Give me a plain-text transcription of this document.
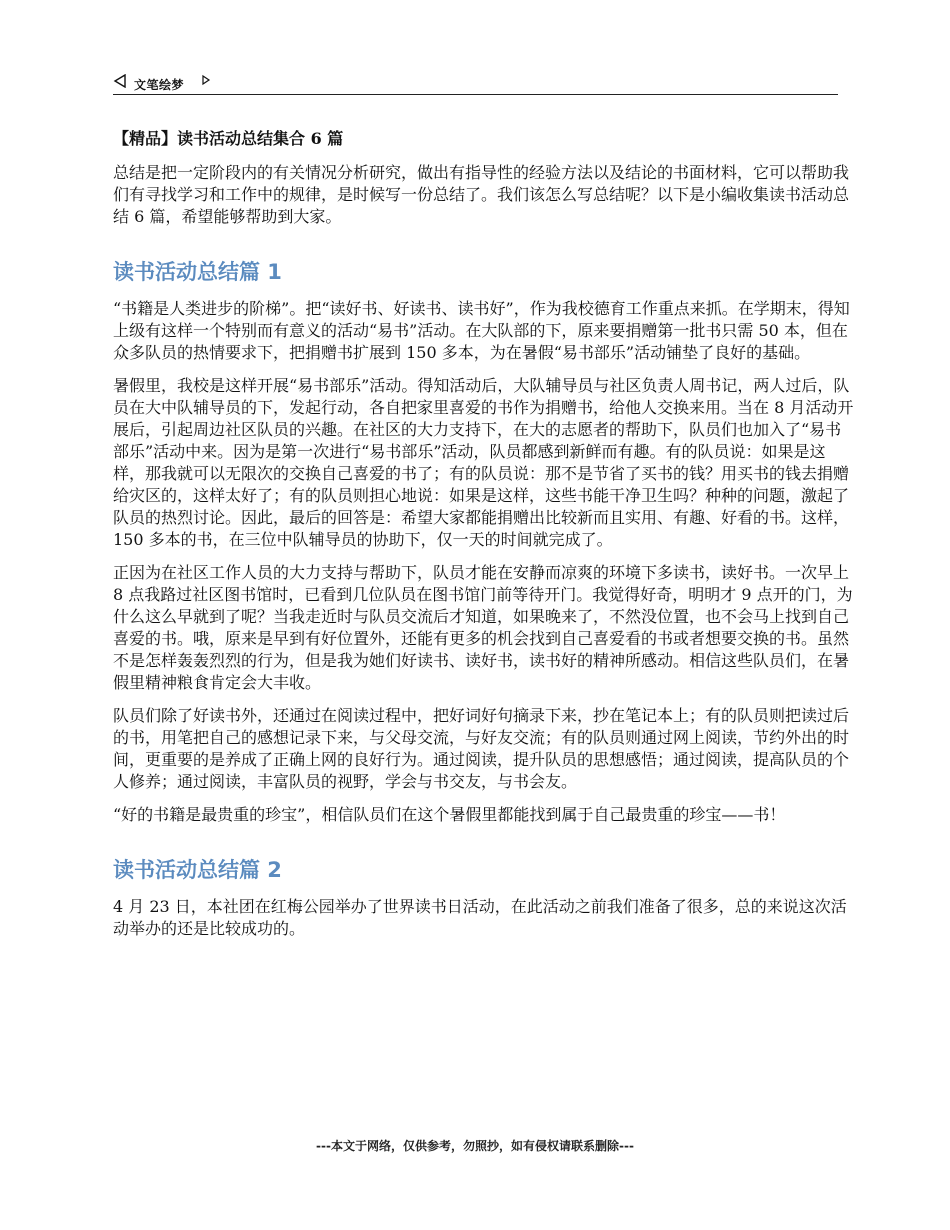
文笔绘梦
【精品】读书活动总结集合 6 篇

总结是把一定阶段内的有关情况分析研究，做出有指导性的经验方法以及结论的书面材料，它可以帮助我们有寻找学习和工作中的规律，是时候写一份总结了。我们该怎么写总结呢？以下是小编收集读书活动总结 6 篇，希望能够帮助到大家。

读书活动总结篇 1

“书籍是人类进步的阶梯”。把“读好书、好读书、读书好”，作为我校德育工作重点来抓。在学期末，得知上级有这样一个特别而有意义的活动“易书”活动。在大队部的下，原来要捐赠第一批书只需 50 本，但在众多队员的热情要求下，把捐赠书扩展到 150 多本，为在暑假“易书部乐”活动铺垫了良好的基础。

暑假里，我校是这样开展“易书部乐”活动。得知活动后，大队辅导员与社区负责人周书记，两人过后，队员在大中队辅导员的下，发起行动，各自把家里喜爱的书作为捐赠书，给他人交换来用。当在 8 月活动开展后，引起周边社区队员的兴趣。在社区的大力支持下，在大的志愿者的帮助下，队员们也加入了“易书部乐”活动中来。因为是第一次进行“易书部乐”活动，队员都感到新鲜而有趣。有的队员说：如果是这样，那我就可以无限次的交换自己喜爱的书了；有的队员说：那不是节省了买书的钱？用买书的钱去捐赠给灾区的，这样太好了；有的队员则担心地说：如果是这样，这些书能干净卫生吗？种种的问题，激起了队员的热烈讨论。因此，最后的回答是：希望大家都能捐赠出比较新而且实用、有趣、好看的书。这样，150 多本的书，在三位中队辅导员的协助下，仅一天的时间就完成了。

正因为在社区工作人员的大力支持与帮助下，队员才能在安静而凉爽的环境下多读书，读好书。一次早上 8 点我路过社区图书馆时，已看到几位队员在图书馆门前等待开门。我觉得好奇，明明才 9 点开的门，为什么这么早就到了呢？当我走近时与队员交流后才知道，如果晚来了，不然没位置，也不会马上找到自己喜爱的书。哦，原来是早到有好位置外，还能有更多的机会找到自己喜爱看的书或者想要交换的书。虽然不是怎样轰轰烈烈的行为，但是我为她们好读书、读好书，读书好的精神所感动。相信这些队员们，在暑假里精神粮食肯定会大丰收。

队员们除了好读书外，还通过在阅读过程中，把好词好句摘录下来，抄在笔记本上；有的队员则把读过后的书，用笔把自己的感想记录下来，与父母交流，与好友交流；有的队员则通过网上阅读，节约外出的时间，更重要的是养成了正确上网的良好行为。通过阅读，提升队员的思想感悟；通过阅读，提高队员的个人修养；通过阅读，丰富队员的视野，学会与书交友，与书会友。

“好的书籍是最贵重的珍宝”，相信队员们在这个暑假里都能找到属于自己最贵重的珍宝——书！

读书活动总结篇 2

4 月 23 日，本社团在红梅公园举办了世界读书日活动，在此活动之前我们准备了很多，总的来说这次活动举办的还是比较成功的。

---本文于网络，仅供参考，勿照抄，如有侵权请联系删除---
